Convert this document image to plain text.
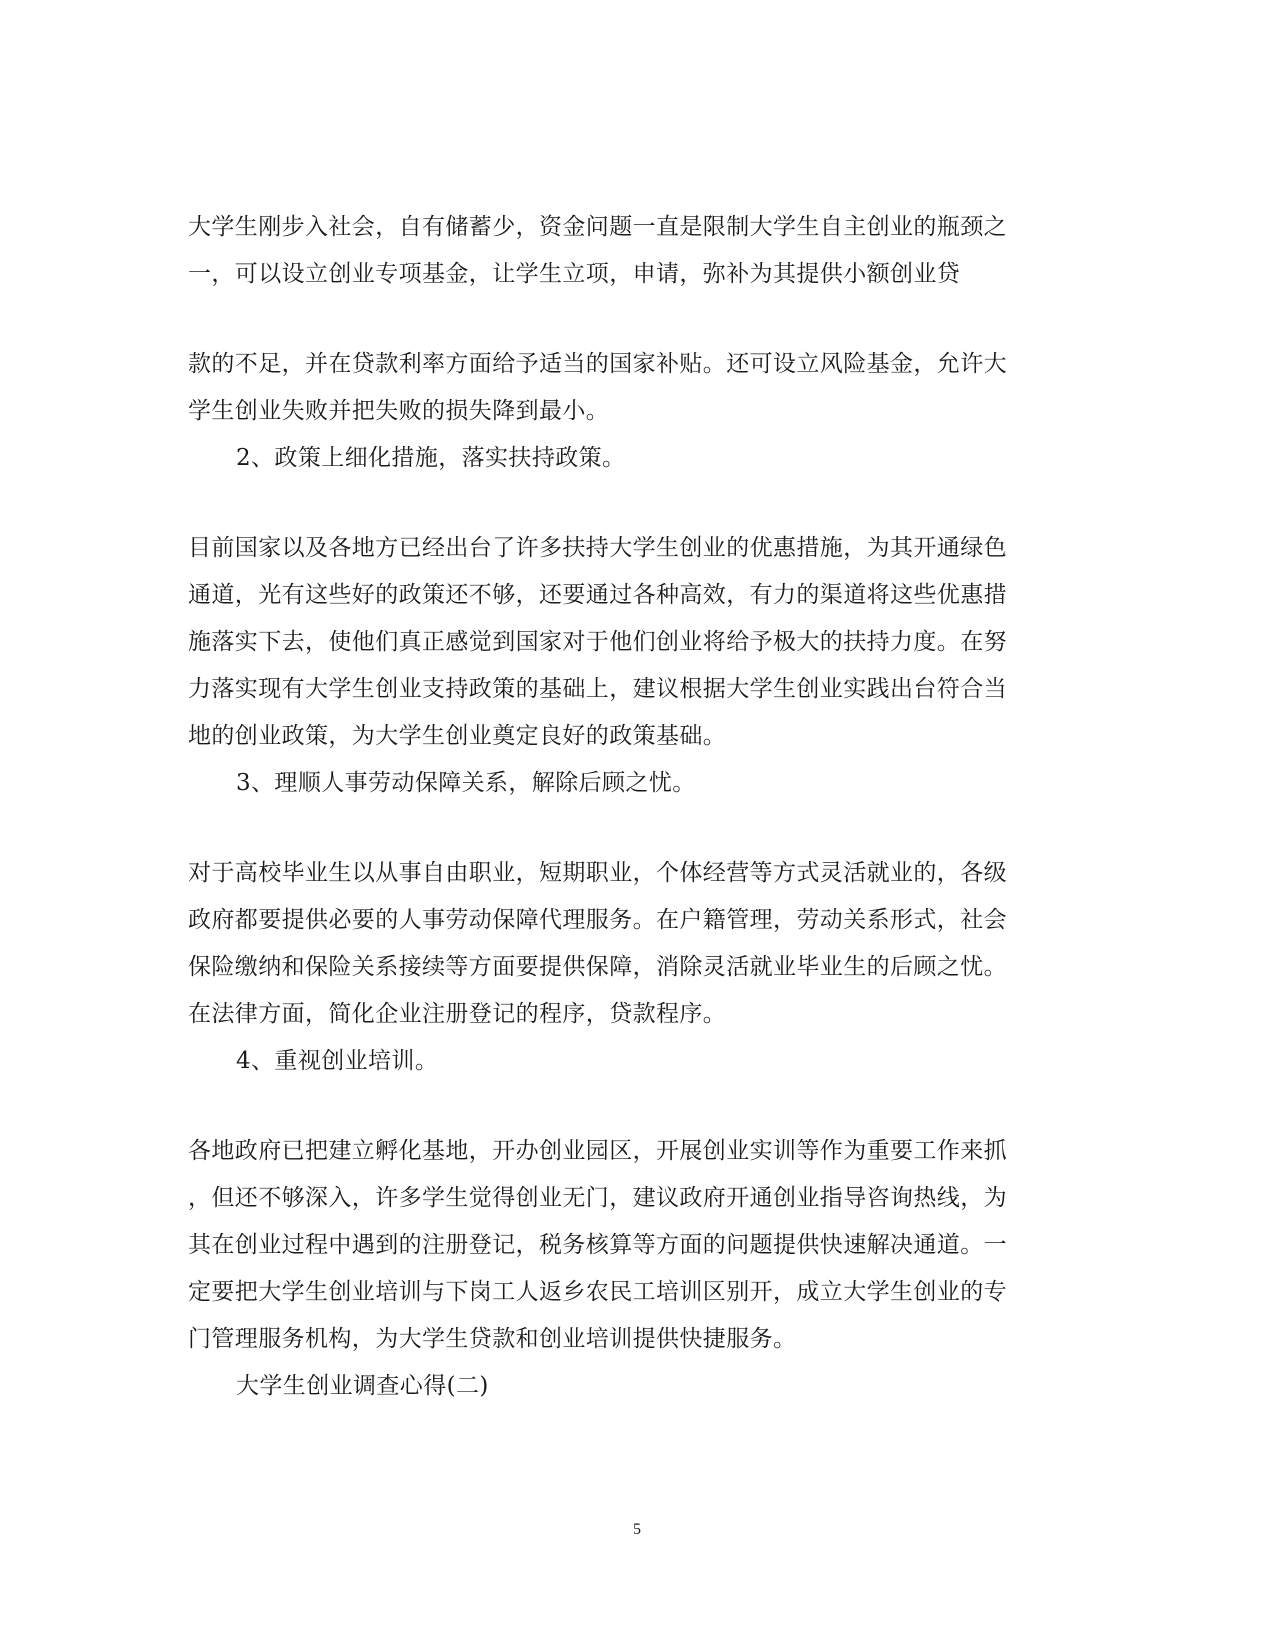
大学生刚步入社会，自有储蓄少，资金问题一直是限制大学生自主创业的瓶颈之
一，可以设立创业专项基金，让学生立项，申请，弥补为其提供小额创业贷
款的不足，并在贷款利率方面给予适当的国家补贴。还可设立风险基金，允许大
学生创业失败并把失败的损失降到最小。
2、政策上细化措施，落实扶持政策。
目前国家以及各地方已经出台了许多扶持大学生创业的优惠措施，为其开通绿色
通道，光有这些好的政策还不够，还要通过各种高效，有力的渠道将这些优惠措
施落实下去，使他们真正感觉到国家对于他们创业将给予极大的扶持力度。在努
力落实现有大学生创业支持政策的基础上，建议根据大学生创业实践出台符合当
地的创业政策，为大学生创业奠定良好的政策基础。
3、理顺人事劳动保障关系，解除后顾之忧。
对于高校毕业生以从事自由职业，短期职业，个体经营等方式灵活就业的，各级
政府都要提供必要的人事劳动保障代理服务。在户籍管理，劳动关系形式，社会
保险缴纳和保险关系接续等方面要提供保障，消除灵活就业毕业生的后顾之忧。
在法律方面，简化企业注册登记的程序，贷款程序。
4、重视创业培训。
各地政府已把建立孵化基地，开办创业园区，开展创业实训等作为重要工作来抓
，但还不够深入，许多学生觉得创业无门，建议政府开通创业指导咨询热线，为
其在创业过程中遇到的注册登记，税务核算等方面的问题提供快速解决通道。一
定要把大学生创业培训与下岗工人返乡农民工培训区别开，成立大学生创业的专
门管理服务机构，为大学生贷款和创业培训提供快捷服务。
大学生创业调查心得(二)
5
